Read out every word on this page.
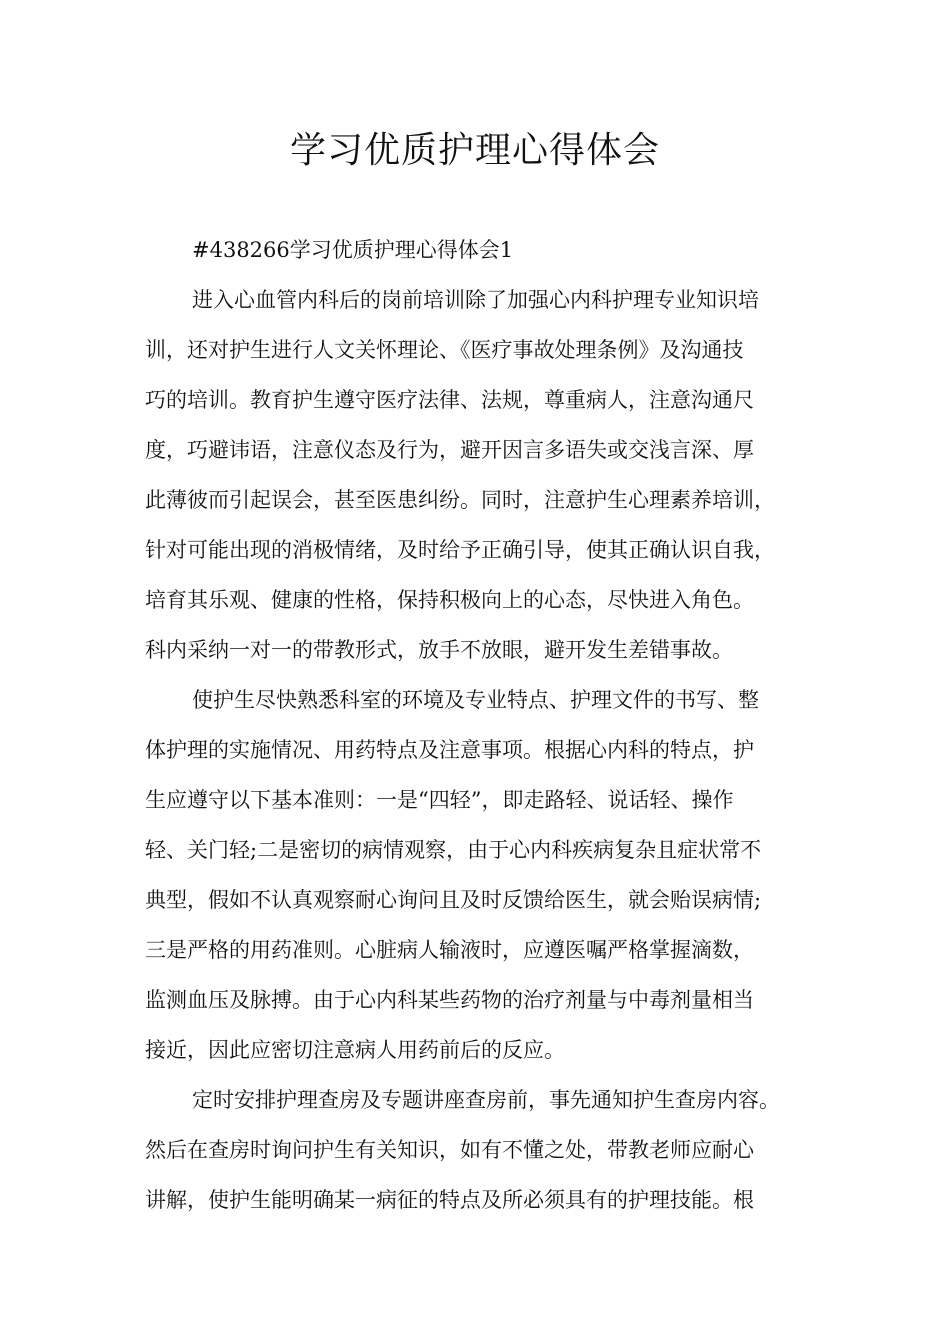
学习优质护理心得体会
#438266学习优质护理心得体会1
进入心血管内科后的岗前培训除了加强心内科护理专业知识培
训，还对护生进行人文关怀理论、《医疗事故处理条例》及沟通技
巧的培训。教育护生遵守医疗法律、法规，尊重病人，注意沟通尺
度，巧避讳语，注意仪态及行为，避开因言多语失或交浅言深、厚
此薄彼而引起误会，甚至医患纠纷。同时，注意护生心理素养培训，
针对可能出现的消极情绪，及时给予正确引导，使其正确认识自我，
培育其乐观、健康的性格，保持积极向上的心态，尽快进入角色。
科内采纳一对一的带教形式，放手不放眼，避开发生差错事故。
使护生尽快熟悉科室的环境及专业特点、护理文件的书写、整
体护理的实施情况、用药特点及注意事项。根据心内科的特点，护
生应遵守以下基本准则：一是“四轻”，即走路轻、说话轻、操作
轻、关门轻;二是密切的病情观察，由于心内科疾病复杂且症状常不
典型，假如不认真观察耐心询问且及时反馈给医生，就会贻误病情;
三是严格的用药准则。心脏病人输液时，应遵医嘱严格掌握滴数，
监测血压及脉搏。由于心内科某些药物的治疗剂量与中毒剂量相当
接近，因此应密切注意病人用药前后的反应。
定时安排护理查房及专题讲座查房前，事先通知护生查房内容。
然后在查房时询问护生有关知识，如有不懂之处，带教老师应耐心
讲解，使护生能明确某一病征的特点及所必须具有的护理技能。根
